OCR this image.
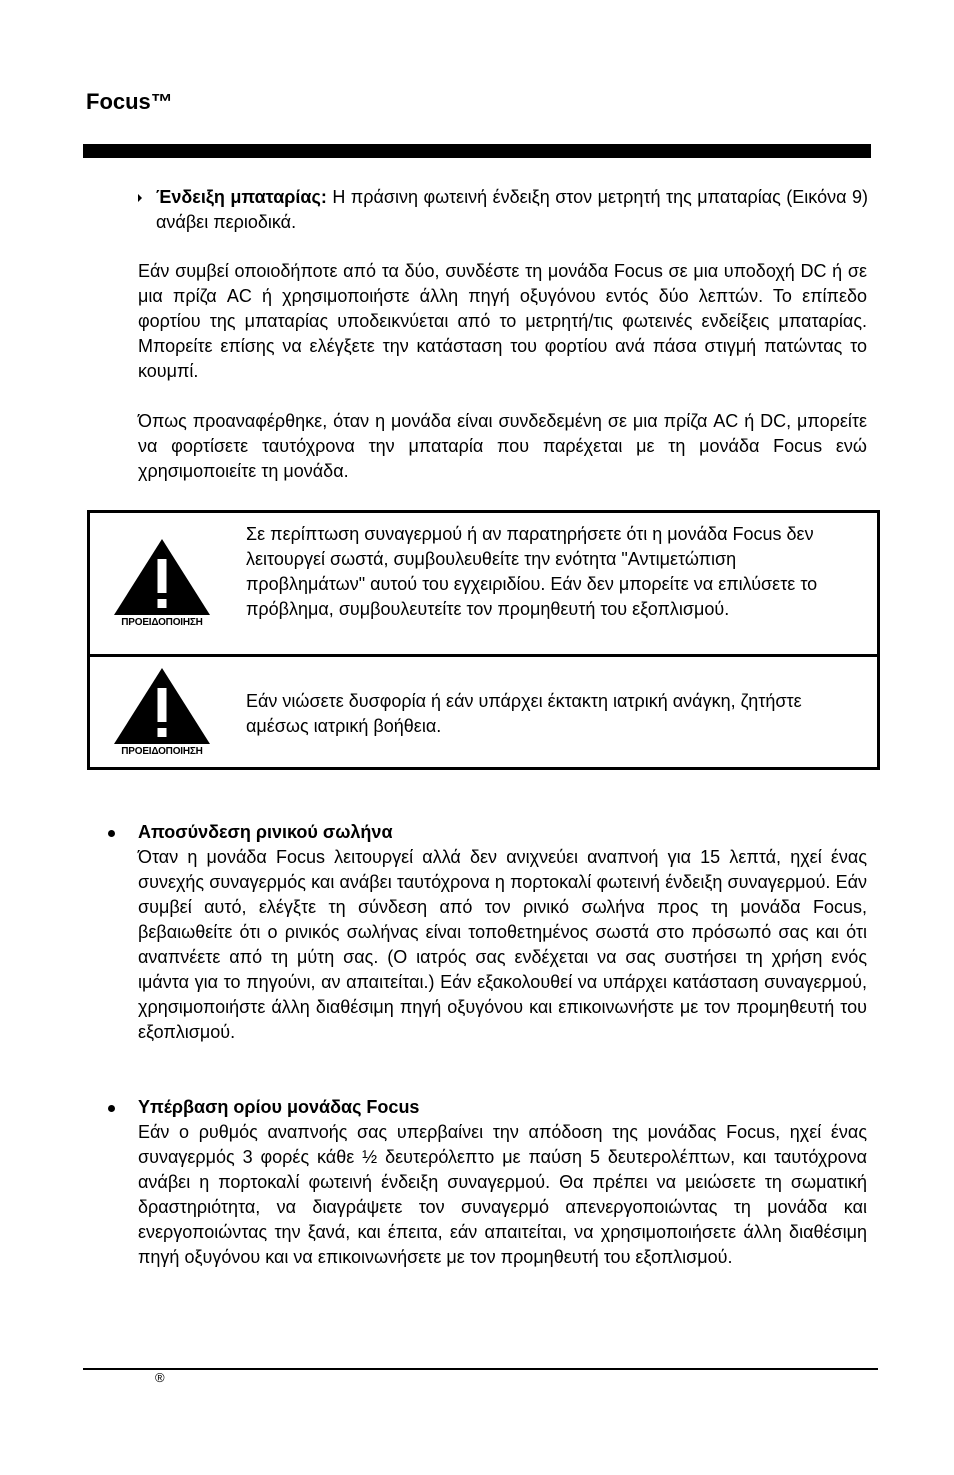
Focus™

Ένδειξη μπαταρίας: Η πράσινη φωτεινή ένδειξη στον μετρητή της μπαταρίας (Εικόνα 9) ανάβει περιοδικά.

Εάν συμβεί οποιοδήποτε από τα δύο, συνδέστε τη μονάδα Focus σε μια υποδοχή DC ή σε μια πρίζα AC ή χρησιμοποιήστε άλλη πηγή οξυγόνου εντός δύο λεπτών. Το επίπεδο φορτίου της μπαταρίας υποδεικνύεται από το μετρητή/τις φωτεινές ενδείξεις μπαταρίας. Μπορείτε επίσης να ελέγξετε την κατάσταση του φορτίου ανά πάσα στιγμή πατώντας το κουμπί.

Όπως προαναφέρθηκε, όταν η μονάδα είναι συνδεδεμένη σε μια πρίζα AC ή DC, μπορείτε να φορτίσετε ταυτόχρονα την μπαταρία που παρέχεται με τη μονάδα Focus ενώ χρησιμοποιείτε τη μονάδα.

ΠΡΟΕΙΔΟΠΟΙΗΣΗ

Σε περίπτωση συναγερμού ή αν παρατηρήσετε ότι η μονάδα Focus δεν λειτουργεί σωστά, συμβουλευθείτε την ενότητα "Αντιμετώπιση προβλημάτων" αυτού του εγχειριδίου. Εάν δεν μπορείτε να επιλύσετε το πρόβλημα, συμβουλευτείτε τον προμηθευτή του εξοπλισμού.

ΠΡΟΕΙΔΟΠΟΙΗΣΗ

Εάν νιώσετε δυσφορία ή εάν υπάρχει έκτακτη ιατρική ανάγκη, ζητήστε αμέσως ιατρική βοήθεια.

Αποσύνδεση ρινικού σωλήνα
Όταν η μονάδα Focus λειτουργεί αλλά δεν ανιχνεύει αναπνοή για 15 λεπτά, ηχεί ένας συνεχής συναγερμός και ανάβει ταυτόχρονα η πορτοκαλί φωτεινή ένδειξη συναγερμού. Εάν συμβεί αυτό, ελέγξτε τη σύνδεση από τον ρινικό σωλήνα προς τη μονάδα Focus, βεβαιωθείτε ότι ο ρινικός σωλήνας είναι τοποθετημένος σωστά στο πρόσωπό σας και ότι αναπνέετε από τη μύτη σας. (Ο ιατρός σας ενδέχεται να σας συστήσει τη χρήση ενός ιμάντα για το πηγούνι, αν απαιτείται.) Εάν εξακολουθεί να υπάρχει κατάσταση συναγερμού, χρησιμοποιήστε άλλη διαθέσιμη πηγή οξυγόνου και επικοινωνήστε με τον προμηθευτή του εξοπλισμού.
Υπέρβαση ορίου μονάδας Focus
Εάν ο ρυθμός αναπνοής σας υπερβαίνει την απόδοση της μονάδας Focus, ηχεί ένας συναγερμός 3 φορές κάθε ½ δευτερόλεπτο με παύση 5 δευτερολέπτων, και ταυτόχρονα ανάβει η πορτοκαλί φωτεινή ένδειξη συναγερμού. Θα πρέπει να μειώσετε τη σωματική δραστηριότητα, να διαγράψετε τον συναγερμό απενεργοποιώντας τη μονάδα και ενεργοποιώντας την ξανά, και έπειτα, εάν απαιτείται, να χρησιμοποιήσετε άλλη διαθέσιμη πηγή οξυγόνου και να επικοινωνήσετε με τον προμηθευτή του εξοπλισμού.
®
